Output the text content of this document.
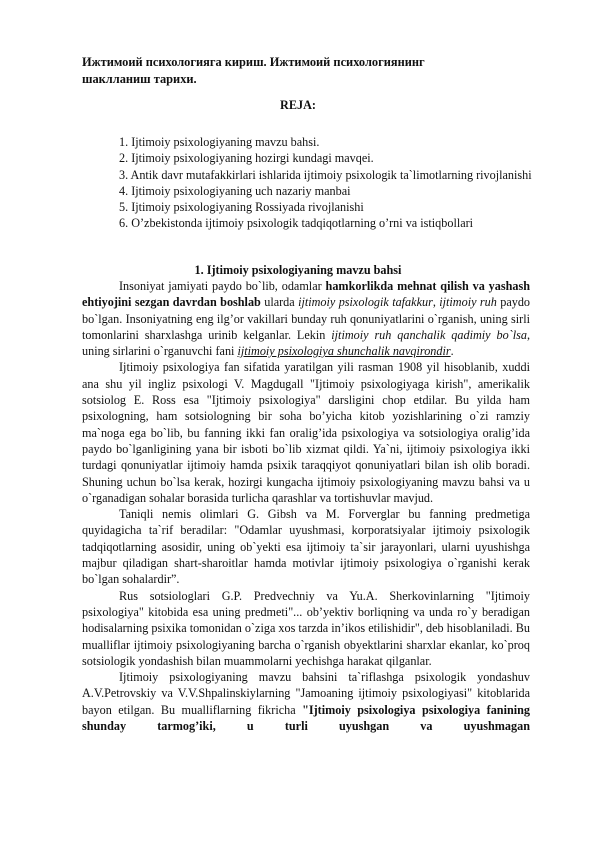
Ижтимоий психологияга кириш. Ижтимоий психологиянинг
шаклланиш тарихи.
REJA:
1. Ijtimoiy psixologiyaning mavzu bahsi.
2. Ijtimoiy psixologiyaning hozirgi kundagi mavqei.
3. Antik davr mutafakkirlari ishlarida ijtimoiy psixologik ta`limotlarning rivojlanishi
4. Ijtimoiy psixologiyaning uch nazariy manbai
5. Ijtimoiy psixologiyaning Rossiyada rivojlanishi
6. O’zbekistonda ijtimoiy psixologik tadqiqotlarning o’rni va istiqbollari
1. Ijtimoiy psixologiyaning mavzu bahsi

Insoniyat jamiyati paydo bo`lib, odamlar hamkorlikda mehnat qilish va yashash ehtiyojini sezgan davrdan boshlab ularda ijtimoiy psixologik tafakkur, ijtimoiy ruh paydo bo`lgan. Insoniyatning eng ilg’or vakillari bunday ruh qonuniyatlarini o`rganish, uning sirli tomonlarini sharxlashga urinib kelganlar. Lekin ijtimoiy ruh qanchalik qadimiy bo`lsa, uning sirlarini o`rganuvchi fani ijtimoiy psixologiya shunchalik navqirondir.

Ijtimoiy psixologiya fan sifatida yaratilgan yili rasman 1908 yil hisoblanib, xuddi ana shu yil ingliz psixologi V. Magdugall "Ijtimoiy psixologiyaga kirish", amerikalik sotsiolog E. Ross esa "Ijtimoiy psixologiya" darsligini chop etdilar. Bu yilda ham psixologning, ham sotsiologning bir soha bo’yicha kitob yozishlarining o`zi ramziy ma`noga ega bo`lib, bu fanning ikki fan oralig’ida psixologiya va sotsiologiya oralig’ida paydo bo`lganligining yana bir isboti bo`lib xizmat qildi. Ya`ni, ijtimoiy psixologiya ikki turdagi qonuniyatlar ijtimoiy hamda psixik taraqqiyot qonuniyatlari bilan ish olib boradi. Shuning uchun bo`lsa kerak, hozirgi kungacha ijtimoiy psixologiyaning mavzu bahsi va u o`rganadigan sohalar borasida turlicha qarashlar va tortishuvlar mavjud.

Taniqli nemis olimlari G. Gibsh va M. Forverglar bu fanning predmetiga quyidagicha ta`rif beradilar: "Odamlar uyushmasi, korporatsiyalar ijtimoiy psixologik tadqiqotlarning asosidir, uning ob`yekti esa ijtimoiy ta`sir jarayonlari, ularni uyushishga majbur qiladigan shart-sharoitlar hamda motivlar ijtimoiy psixologiya o`rganishi kerak bo`lgan sohalardir”.

Rus sotsiologlari G.P. Predvechniy va Yu.A. Sherkovinlarning "Ijtimoiy psixologiya" kitobida esa uning predmeti"... ob’yektiv borliqning va unda ro`y beradigan hodisalarning psixika tomonidan o`ziga xos tarzda in’ikos etilishidir", deb hisoblaniladi. Bu mualliflar ijtimoiy psixologiyaning barcha o`rganish obyektlarini sharxlar ekanlar, ko`proq sotsiologik yondashish bilan muammolarni yechishga harakat qilganlar.

Ijtimoiy psixologiyaning mavzu bahsini ta`riflashga psixologik yondashuv A.V.Petrovskiy va V.V.Shpalinskiylarning "Jamoaning ijtimoiy psixologiyasi" kitoblarida bayon etilgan. Bu mualliflarning fikricha "Ijtimoiy psixologiya psixologiya fanining shunday tarmog’iki, u turli uyushgan va uyushmagan
